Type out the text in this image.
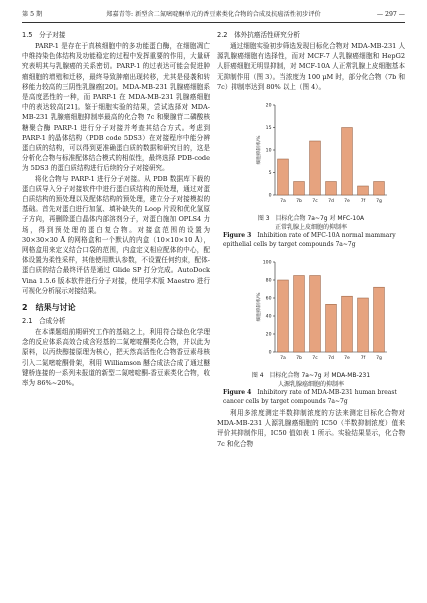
第 5 期	郑嘉青等: 新型含二氮嘧啶酮单元的香豆素类化合物的合成及抗癌活性初步评价	— 297 —

1.5　分子对接

PARP-1 是存在于真核细胞中的多功能蛋白酶，在细胞凋亡中维持染色体结构及功能稳定的过程中发挥重要的作用，大量研究表明其与乳腺癌的关系密切。PARP-1 的过表达可能会促进肿瘤细胞的增殖和迁移，最终导致肿瘤出现转移，尤其是侵袭和转移能力较高的三阴性乳腺癌[20]。MDA-MB-231 乳腺癌细胞系是高度恶性的一种，而 PARP-1 在 MDA-MB-231 乳腺癌细胞中的表达较高[21]。鉴于细胞实验的结果，尝试选择对 MDA-MB-231 乳腺癌细胞抑制率最高的化合物 7c 和聚腺苷二磷酸核糖聚合酶 PARP-1 进行分子对接并考查其结合方式。考虑到 PARP-1 的晶体结构（PDB code 5DS3）在对接程序中能分辨蛋白质的结构，可以得到更准确蛋白质的数据和研究目的，这是分析化合物与标准配体结合模式的相似性，最终选择 PDB-code 为 5DS3 的蛋白质结构进行后续的分子对接研究。

将化合物与 PARP-1 进行分子对接。从 PDB 数据库下载的蛋白质导入分子对接软件中进行蛋白质结构的预处理，通过对蛋白质结构的预处理以及配体结构的预处理，建立分子对接模拟的基础。首先对蛋白进行加氢、填补缺失的 Loop 片段和优化氢原子方向，再删除蛋白晶体内部溶剂分子，对蛋白施加 OPLS4 力场，得到预处理的蛋白复合物。对接盒范围的设置为 30×30×30 Å 的网格盒和一个默认的内盒（10×10×10 Å），网格盒用来定义结合口袋的范围，内盒定义相应配体的中心，配体设置为柔性采样，其他使用默认参数，不设置任何约束，配体-蛋白质的结合最终评估是通过 Glide SP 打分完成。AutoDock Vina 1.5.6 版本软件进行分子对接，使用学术版 Maestro 进行可视化分析展示对接结果。

2　结果与讨论

2.1　合成分析

在本课题组前期研究工作的基础之上，利用符合绿色化学理念的反应体系高效合成含羟基的二氮嘧啶酮类化合物，并以此为原料，以丙炔醇接原理为核心，把天然高活性化合物香豆素母核引入二氮嘧啶酮骨架，利用 Williamson 醚合成法合成了通过醚键桥连接的一系列未报道的新型二氮嘧啶酮-香豆素类化合物，收率为 86%~20%。

2.2　体外抗癌活性研究分析

通过细胞实验初步筛选发现目标化合物对 MDA-MB-231 人源乳腺癌细胞有选择性，而对 MCF-7 人乳腺癌细胞和 HepG2 人肝癌细胞无明显抑制，对 MCF-10A 人正常乳腺上皮细胞基本无抑制作用（图 3）。当浓度为 100 μM 时，部分化合物（7b 和 7c）抑制率达到 80% 以上（图 4）。

0
5
10
15
20
7a 7b 7c 7d 7e 7f 7g
细胞抑制率/%

图 3　目标化合物 7a~7g 对 MFC-10A

正常乳腺上皮细胞的抑制率

Figure 3　 Inhibition rate of MFC-10A normal mammary epithelial cells by target compounds 7a~7g

0
20
40
60
80
100
7a 7b 7c 7d 7e 7f 7g
细胞抑制率/%

图 4　目标化合物 7a~7g 对 MDA-MB-231

人源乳腺癌细胞的抑制率

Figure 4　 Inhibitory rate of MDA-MB-231 human breast cancer cells by target compounds 7a~7g

利用多浓度测定半数抑制浓度的方法来测定目标化合物对 MDA-MB-231 人源乳腺癌细胞的 IC50（半数抑制浓度）值来评价其抑制作用，IC50 值如表 1 所示。实验结果显示，化合物 7c 和化合物
